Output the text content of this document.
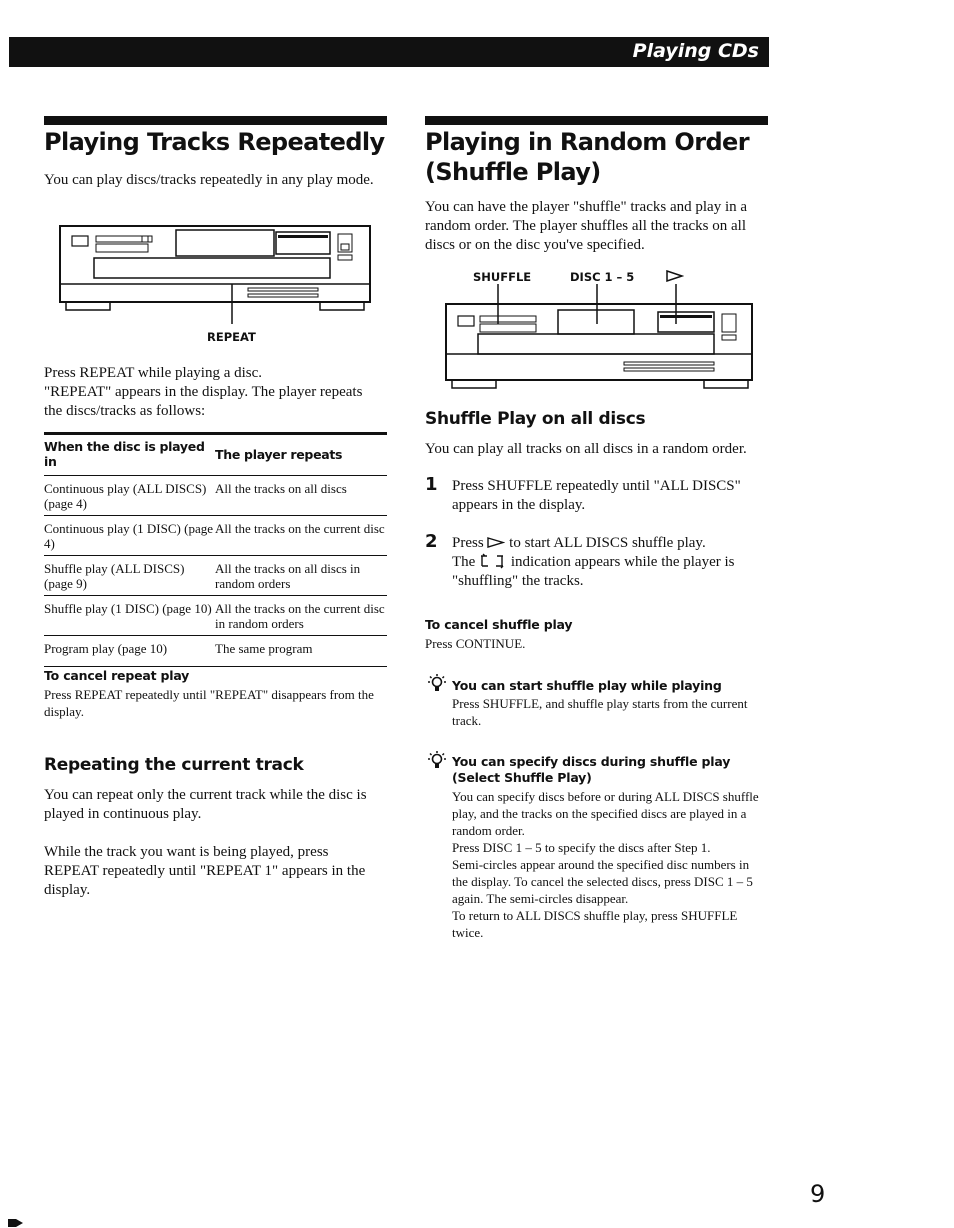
Playing CDs
Playing Tracks Repeatedly

You can play discs/tracks repeatedly in any play mode.

REPEAT

Press REPEAT while playing a disc.

"REPEAT" appears in the display. The player repeats the discs/tracks as follows:

When the disc is played in	The player repeats
Continuous play (ALL DISCS) (page 4)	All the tracks on all discs
Continuous play (1 DISC) (page 4)	All the tracks on the current disc
Shuffle play (ALL DISCS) (page 9)	All the tracks on all discs in random orders
Shuffle play (1 DISC) (page 10)	All the tracks on the current disc in random orders
Program play (page 10)	The same program
To cancel repeat play

Press REPEAT repeatedly until "REPEAT" disappears from the display.

Repeating the current track

You can repeat only the current track while the disc is played in continuous play.

While the track you want is being played, press REPEAT repeatedly until "REPEAT 1" appears in the display.

Playing in Random Order
(Shuffle Play)

You can have the player "shuffle" tracks and play in a random order. The player shuffles all the tracks on all discs or on the disc you've specified.

SHUFFLE	DISC 1 – 5
Shuffle Play on all discs

You can play all tracks on all discs in a random order.

1 Press SHUFFLE repeatedly until "ALL DISCS" appears in the display.

2 Press to start ALL DISCS shuffle play.
The indication appears while the player is "shuffling" the tracks.

To cancel shuffle play

Press CONTINUE.

You can start shuffle play while playing

Press SHUFFLE, and shuffle play starts from the current track.

You can specify discs during shuffle play (Select Shuffle Play)

You can specify discs before or during ALL DISCS shuffle play, and the tracks on the specified discs are played in a random order.

Press DISC 1 – 5 to specify the discs after Step 1.

Semi-circles appear around the specified disc numbers in the display. To cancel the selected discs, press DISC 1 – 5 again. The semi-circles disappear.

To return to ALL DISCS shuffle play, press SHUFFLE twice.

9
